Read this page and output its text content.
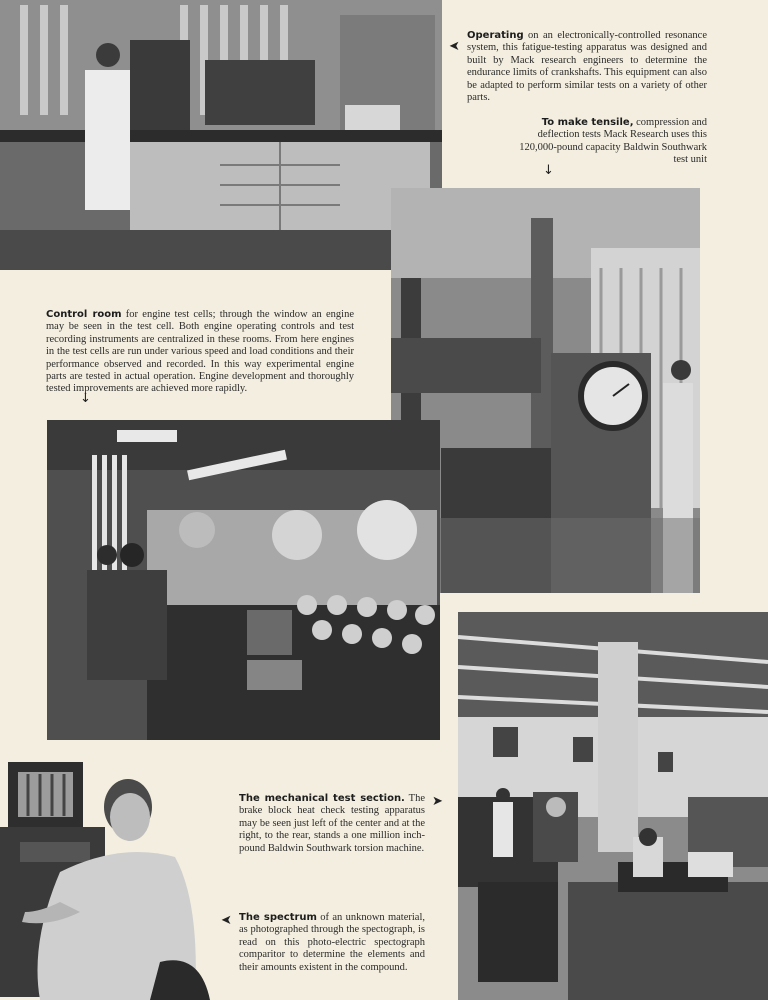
➤
Operating on an electronically-controlled resonance system, this fatigue-testing apparatus was designed and built by Mack research engineers to determine the endurance limits of crankshafts. This equipment can also be adapted to perform similar tests on a variety of other parts.
To make tensile, compression and deflection tests Mack Research uses this 120,000-pound capacity Baldwin Southwark test unit
↓
Control room for engine test cells; through the window an engine may be seen in the test cell. Both engine operating controls and test recording instruments are centralized in these rooms. From here engines in the test cells are run under various speed and load conditions and their performance observed and recorded. In this way experimental engine parts are tested in actual operation. Engine development and thoroughly tested improvements are achieved more rapidly.
↓
The mechanical test section. The brake block heat check testing apparatus may be seen just left of the center and at the right, to the rear, stands a one million inch-pound Baldwin Southwark torsion machine.
➤
➤ The spectrum of an unknown material, as photographed through the spectograph, is read on this photo-electric spectograph comparitor to determine the elements and their amounts existent in the compound.
